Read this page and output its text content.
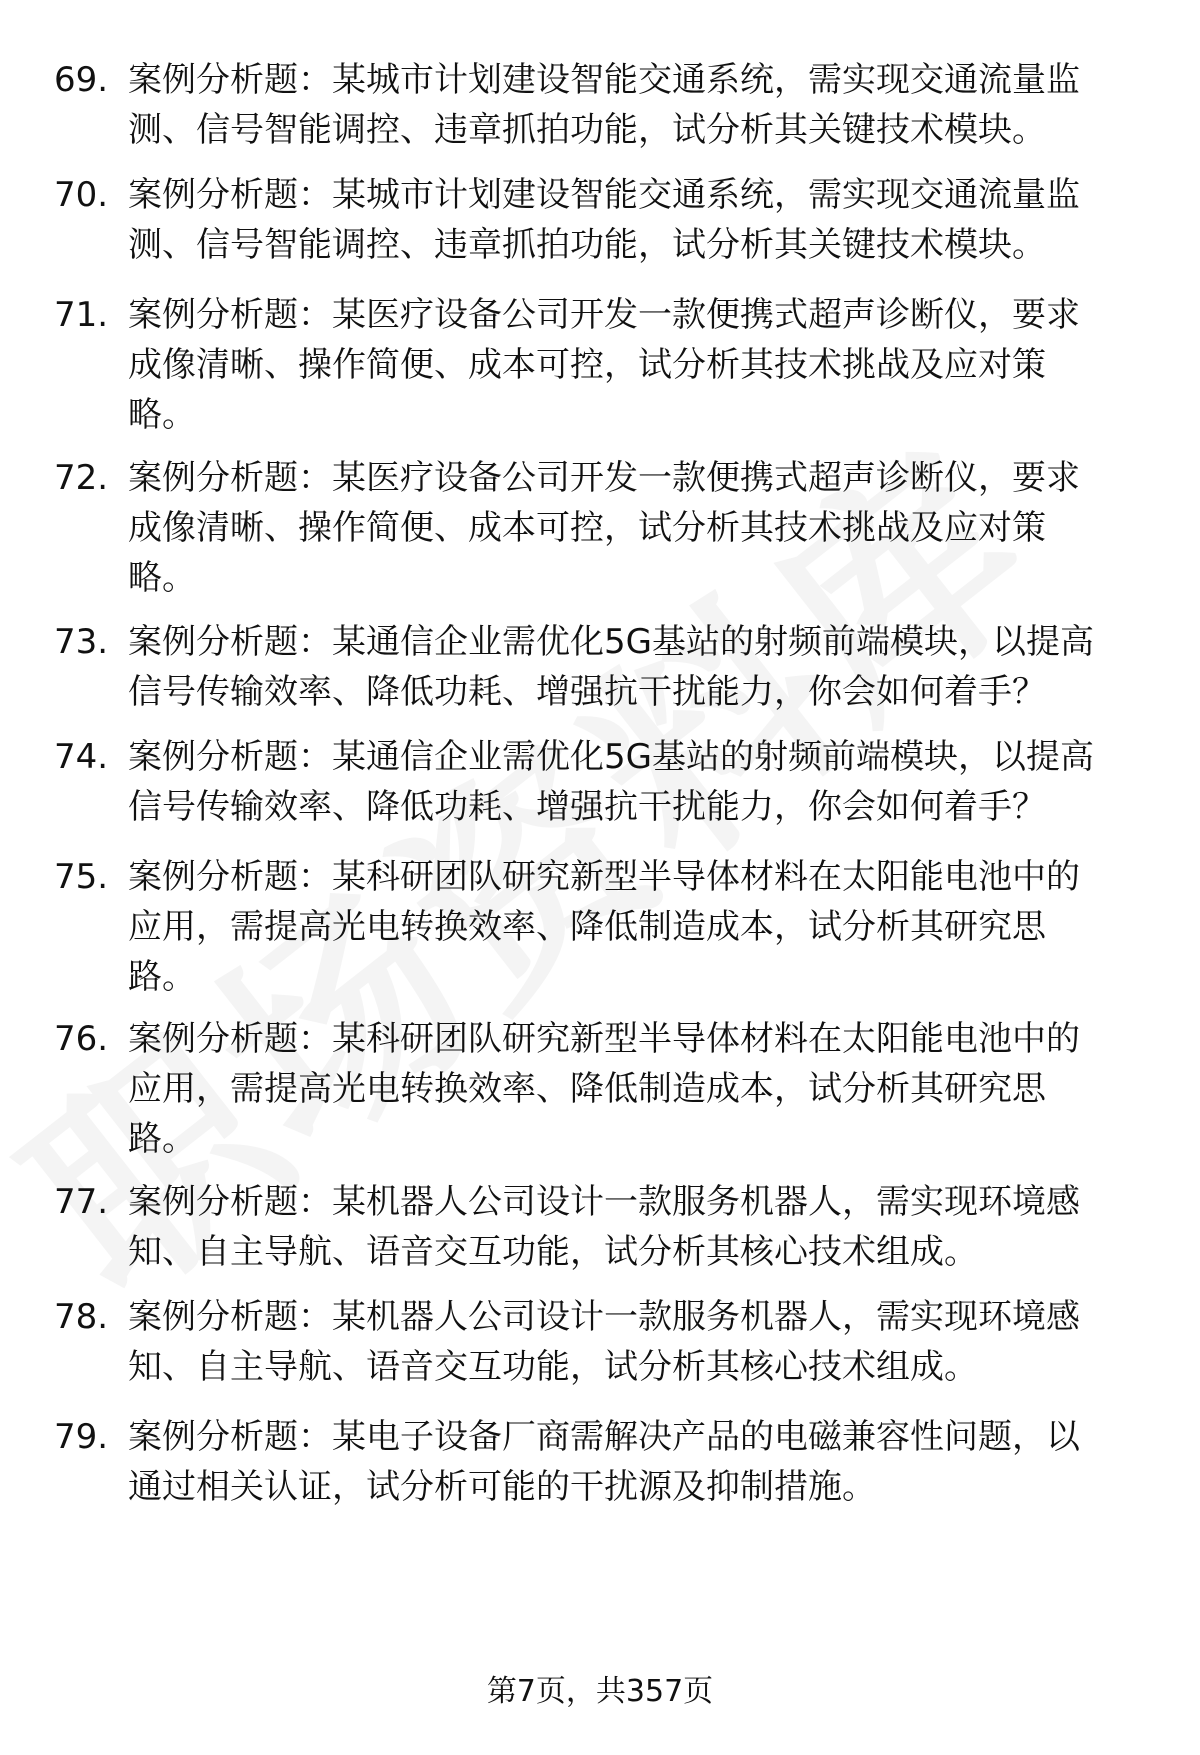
69. 案例分析题：某城市计划建设智能交通系统，需实现交通流量监
测、信号智能调控、违章抓拍功能，试分析其关键技术模块。
70. 案例分析题：某城市计划建设智能交通系统，需实现交通流量监
测、信号智能调控、违章抓拍功能，试分析其关键技术模块。
71. 案例分析题：某医疗设备公司开发一款便携式超声诊断仪，要求
成像清晰、操作简便、成本可控，试分析其技术挑战及应对策
略。
72. 案例分析题：某医疗设备公司开发一款便携式超声诊断仪，要求
成像清晰、操作简便、成本可控，试分析其技术挑战及应对策
略。
73. 案例分析题：某通信企业需优化5G基站的射频前端模块，以提高
信号传输效率、降低功耗、增强抗干扰能力，你会如何着手？
74. 案例分析题：某通信企业需优化5G基站的射频前端模块，以提高
信号传输效率、降低功耗、增强抗干扰能力，你会如何着手？
75. 案例分析题：某科研团队研究新型半导体材料在太阳能电池中的
应用，需提高光电转换效率、降低制造成本，试分析其研究思
路。
76. 案例分析题：某科研团队研究新型半导体材料在太阳能电池中的
应用，需提高光电转换效率、降低制造成本，试分析其研究思
路。
77. 案例分析题：某机器人公司设计一款服务机器人，需实现环境感
知、自主导航、语音交互功能，试分析其核心技术组成。
78. 案例分析题：某机器人公司设计一款服务机器人，需实现环境感
知、自主导航、语音交互功能，试分析其核心技术组成。
79. 案例分析题：某电子设备厂商需解决产品的电磁兼容性问题，以
通过相关认证，试分析可能的干扰源及抑制措施。
第7页，共357页
